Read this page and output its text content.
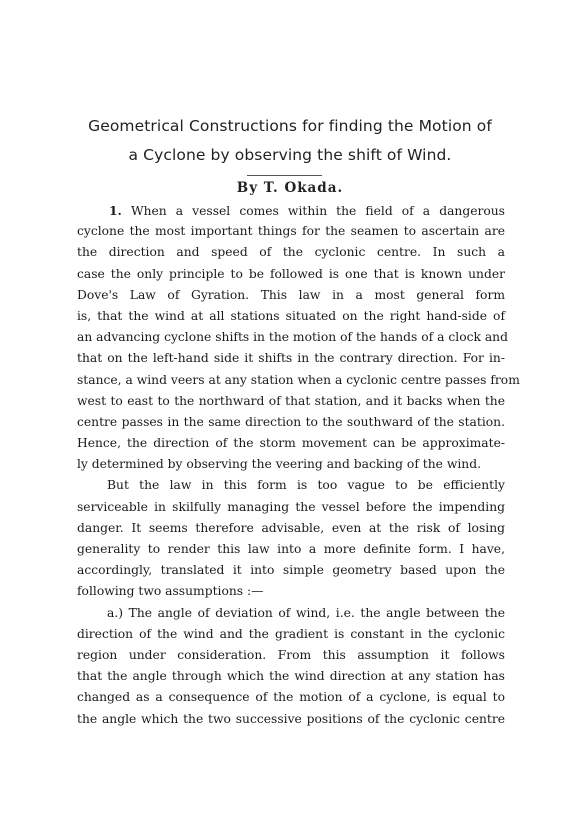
Geometrical Constructions for finding the Motion of
a Cyclone by observing the shift of Wind.
By T. Okada.
1. When a vessel comes within the field of a dangerous
cyclone the most important things for the seamen to ascertain are
the direction and speed of the cyclonic centre. In such a
case the only principle to be followed is one that is known under
Dove's Law of Gyration. This law in a most general form
is, that the wind at all stations situated on the right hand-side of
an advancing cyclone shifts in the motion of the hands of a clock and
that on the left-hand side it shifts in the contrary direction. For in-
stance, a wind veers at any station when a cyclonic centre passes from
west to east to the northward of that station, and it backs when the
centre passes in the same direction to the southward of the station.
Hence, the direction of the storm movement can be approximate-
ly determined by observing the veering and backing of the wind.
But the law in this form is too vague to be efficiently
serviceable in skilfully managing the vessel before the impending
danger. It seems therefore advisable, even at the risk of losing
generality to render this law into a more definite form. I have,
accordingly, translated it into simple geometry based upon the
following two assumptions :—
a.) The angle of deviation of wind, i.e. the angle between the
direction of the wind and the gradient is constant in the cyclonic
region under consideration. From this assumption it follows
that the angle through which the wind direction at any station has
changed as a consequence of the motion of a cyclone, is equal to
the angle which the two successive positions of the cyclonic centre
